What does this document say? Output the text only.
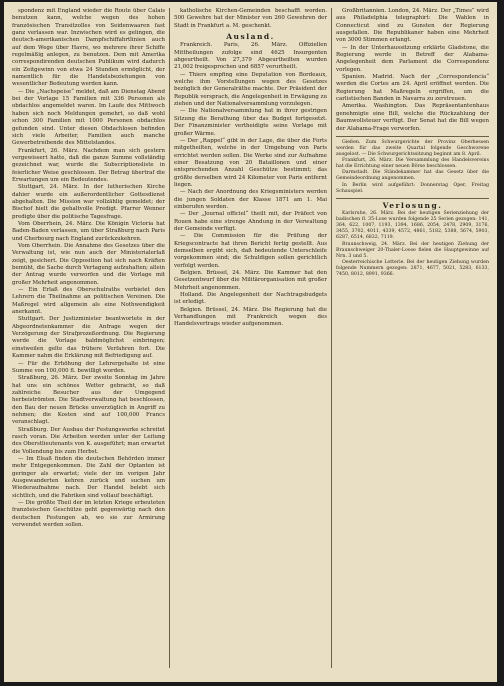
spondenz mit England wieder die Route über Calais benutzen kann, welche wegen des hohen französischen Transitzolles von Seidenwaaren fast ganz verlassen war. Inzwischen wird es gelingen, die deutsch-amerikanischen Dampfschiffahrtlinien auch auf dem Wege über Havre, wo mehrere ihrer Schiffe regelmäßig anlegen, zu benutzen. Dem mit Amerika correspondirenden deutschen Publikum wird dadurch ein Zeitgewinn von etwa 24 Stunden ermöglicht, der namentlich für die Handelsbeziehungen von wesentlicher Bedeutung werden kann.

— Die „Nachspeise“ meldet, daß am Dienstag Abend bei der Vorlage 15 Familien mit 336 Personen als obdachlos angemeldet waren. Im Laufe des Mittwoch haben sich noch Meldungen gemehrt, so daß wohl schon 300 Familien mit 1000 Personen obdachlos gefunden sind. Unter diesen Obdachlosen befinden sich viele Arbeiter, Familien auch manche Gewerbetreibende des Mittelstandes.

Frankfurt, 26. März. Nachdem man sich gestern vergewissert hatte, daß die ganze Summe vollständig gezeichnet war, wurde die Subscriptionsliste in feierlicher Weise geschlossen. Der Betrag übertraf die Erwartungen um ein Bedeutendes.

Stuttgart, 24. März. In der lutherischen Kirche dahier wurde ein außerordentlicher Gottesdienst abgehalten. Die Mission war vollzählig gemeldet; der Bischof hielt die gehaltvolle Predigt. Pfarrer Wenner predigte über die politische Tagesfrage.

Vom Oberrhein, 24. März. Die Königin Victoria hat Baden-Baden verlassen, um über Straßburg nach Paris und Cherbourg nach England zurückzukehren.

Vom Oberrhein. Die Annahme des Gesetzes über die Verwaltung ist, wie nun auch der Ministerialerlaß zeigt, gesichert. Die Opposition hat sich nach Kräften bemüht, die Sache durch Vertagung aufzuhalten; allein der Antrag wurde verworfen und die Vorlage mit großer Mehrheit angenommen.

— Ein Erlaß des Oberschulraths verbietet den Lehrern die Theilnahme an politischen Vereinen. Die Maßregel wird allgemein als eine Nothwendigkeit anerkannt.

Stuttgart. Der Justizminister beantwortete in der Abgeordnetenkammer die Anfrage wegen der Verzögerung der Strafprozeßordnung. Die Regierung werde die Vorlage baldmöglichst einbringen; einstweilen gelte das frühere Verfahren fort. Die Kammer nahm die Erklärung mit Befriedigung auf.

— Für die Erhöhung der Lehrergehalte ist eine Summe von 100,000 fl. bewilligt worden.

Straßburg, 26. März. Der zweite Sonntag im Jahre hat uns ein schönes Wetter gebracht, so daß zahlreiche Besucher aus der Umgegend herbeiströmten. Die Stadtverwaltung hat beschlossen, den Bau der neuen Brücke unverzüglich in Angriff zu nehmen; die Kosten sind auf 100,000 Francs veranschlagt.

Straßburg. Der Ausbau der Festungswerke schreitet rasch voran. Die Arbeiten werden unter der Leitung des Oberstlieutenants von K. ausgeführt; man erwartet die Vollendung bis zum Herbst.

— Im Elsaß finden die deutschen Behörden immer mehr Entgegenkommen. Die Zahl der Optanten ist geringer als erwartet; viele der im vorigen Jahr Ausgewanderten kehren zurück und suchen um Wiederaufnahme nach. Der Handel belebt sich sichtlich, und die Fabriken sind vollauf beschäftigt.

— Die größte Theil der im letzten Kriege erbeuteten französischen Geschütze geht gegenwärtig nach den deutschen Festungen ab, wo sie zur Armirung verwendet werden sollen.

katholische Kirchen-Gemeinden beschafft worden. 500 Gewehre hat der Minister von 260 Gewehren der Stadt in Frankfurt a. M. geschenkt.

Ausland.

Frankreich. Paris, 26. März. Offiziellen Mittheilungen zufolge sind 4625 Insurgenten abgeurtheilt. Von 27,379 Abgeurtheilten wurden 21,002 freigesprochen und 6857 verurtheilt.

— Thiers empfing eine Deputation von Bordeaux, welche ihm Vorstellungen wegen des Gesetzes bezüglich der Generalräthe machte. Der Präsident der Republik versprach, die Angelegenheit in Erwägung zu ziehen und der Nationalversammlung vorzulegen.

— Die Nationalversammlung hat in ihrer gestrigen Sitzung die Berathung über das Budget fortgesetzt. Der Finanzminister vertheidigte seine Vorlage mit großer Wärme.

— Der „Rappel“ gibt in der Lage, die über die Forts mitgetheilten, welche in der Umgebung von Paris errichtet werden sollen. Die Werke sind zur Aufnahme einer Besatzung von 20 Bataillonen und einer entsprechenden Anzahl Geschütze bestimmt; das größte derselben wird 24 Kilometer von Paris entfernt liegen.

— Nach der Anordnung des Kriegsministers werden die jungen Soldaten der Klasse 1871 am 1. Mai einberufen werden.

— Der „Journal officiel“ theilt mit, der Präfect von Rouen habe eine strenge Ahndung in der Verwaltung der Gemeinde verfügt.

— Die Commission für die Prüfung der Kriegscontracte hat ihren Bericht fertig gestellt. Aus demselben ergibt sich, daß bedeutende Unterschleife vorgekommen sind; die Schuldigen sollen gerichtlich verfolgt werden.

Belgien. Brüssel, 24. März. Die Kammer hat den Gesetzentwurf über die Militärorganisation mit großer Mehrheit angenommen.

Holland. Die Angelegenheit der Nachtragsbudgets ist erledigt.

Belgien. Brüssel, 24. März. Die Regierung hat die Verhandlungen mit Frankreich wegen des Handelsvertrags wieder aufgenommen.

Großbritannien. London, 24. März. Der „Times“ wird aus Philadelphia telegraphirt: Die Wahlen in Connecticut sind zu Gunsten der Regierung ausgefallen. Die Republikaner haben eine Mehrheit von 3000 Stimmen erlangt.

— In der Unterhaussitzung erklärte Gladstone, die Regierung werde in Betreff der Alabama-Angelegenheit dem Parlament die Correspondenz vorlegen.

Spanien. Madrid. Nach der „Correspondencia“ werden die Cortes am 24. April eröffnet werden. Die Regierung hat Maßregeln ergriffen, um die carlistischen Banden in Navarra zu zerstreuen.

Amerika. Washington. Das Repräsentantenhaus genehmigte eine Bill, welche die Rückzahlung der Baumwollsteuer verfügt. Der Senat hat die Bill wegen der Alabama-Frage verworfen.

Gießen. Zum Schwurgerichte der Provinz Oberhessen werden für das zweite Quartal folgende Geschworene ausgelost. — Die Schwurgerichtssitzung beginnt am 8. April.

Frankfurt, 26. März. Die Versammlung des Handelsvereins hat die Errichtung einer neuen Börse beschlossen.

Darmstadt. Die Ständekammer hat das Gesetz über die Gemeindeordnung angenommen.

In Berlin wird aufgeführt: Donnerstag Oper, Freitag Schauspiel.

Verlosung.

Karlsruhe, 26. März. Bei der heutigen Serienziehung der badischen fl. 35-Lose wurden folgende 25 Serien gezogen: 141, 364, 622, 1007, 1193, 1394, 1686, 2054, 2478, 2909, 3176, 3455, 3702, 4011, 4339, 4572, 4861, 5182, 5388, 5674, 5903, 6287, 6514, 6832, 7119.

Braunschweig, 24. März. Bei der heutigen Ziehung der Braunschweiger 20-Thaler-Loose fielen die Hauptgewinne auf Nrn. 3 und 5.

Oesterreichische Lotterie. Bei der heutigen Ziehung wurden folgende Nummern gezogen: 2871, 4677, 5021, 5283, 6133, 7450, 8012, 8991, 9366.
